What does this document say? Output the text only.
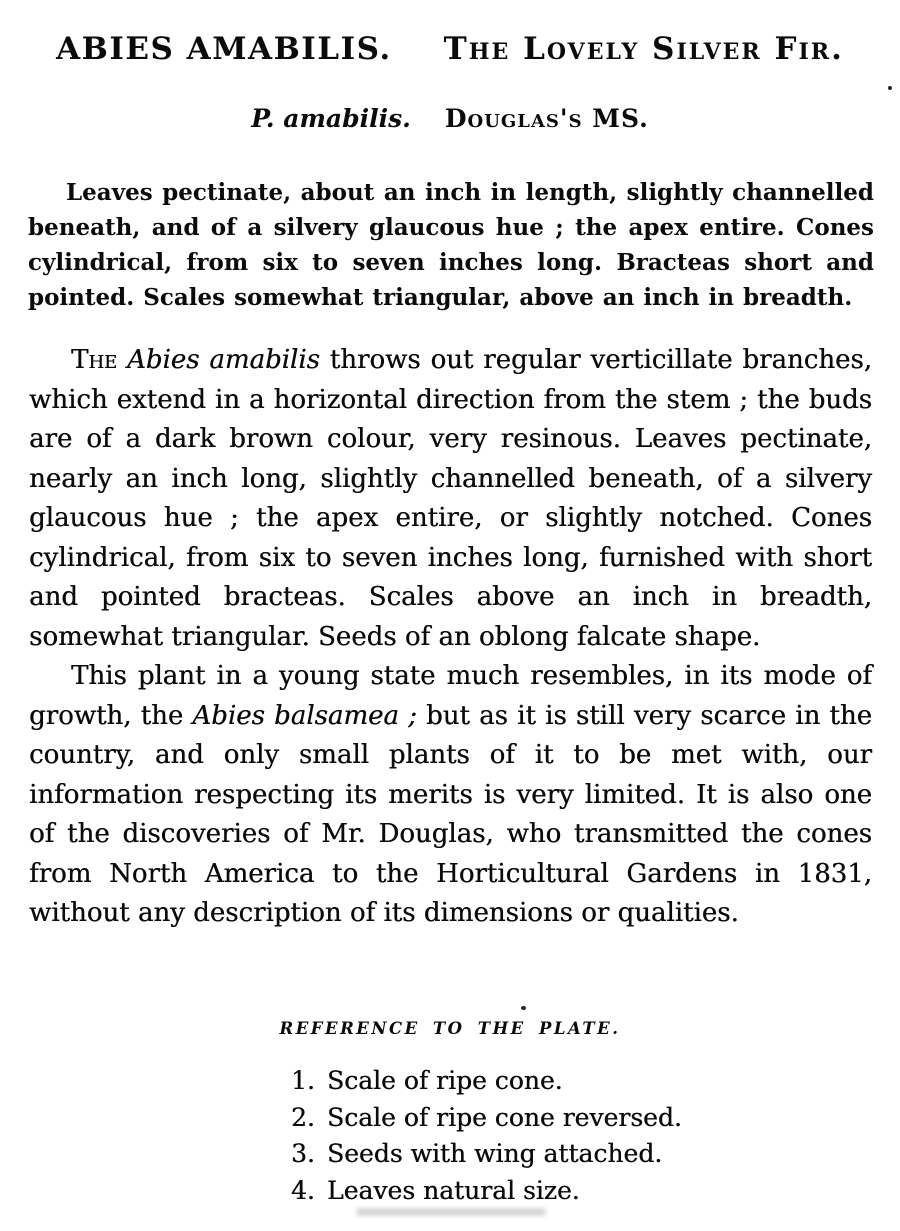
ABIES AMABILIS. The Lovely Silver Fir.
P. amabilis. Douglas's MS.
Leaves pectinate, about an inch in length, slightly channelled beneath, and of a silvery glaucous hue ; the apex entire. Cones cylindrical, from six to seven inches long. Bracteas short and pointed. Scales somewhat triangular, above an inch in breadth.

The Abies amabilis throws out regular verticillate branches, which extend in a horizontal direction from the stem ; the buds are of a dark brown colour, very resinous. Leaves pectinate, nearly an inch long, slightly channelled beneath, of a silvery glaucous hue ; the apex entire, or slightly notched. Cones cylindrical, from six to seven inches long, furnished with short and pointed bracteas. Scales above an inch in breadth, somewhat triangular. Seeds of an oblong falcate shape.

This plant in a young state much resembles, in its mode of growth, the Abies balsamea ; but as it is still very scarce in the country, and only small plants of it to be met with, our information respecting its merits is very limited. It is also one of the discoveries of Mr. Douglas, who transmitted the cones from North America to the Horticultural Gardens in 1831, without any description of its dimensions or qualities.

REFERENCE TO THE PLATE.
1. Scale of ripe cone.
2. Scale of ripe cone reversed.
3. Seeds with wing attached.
4. Leaves natural size.
